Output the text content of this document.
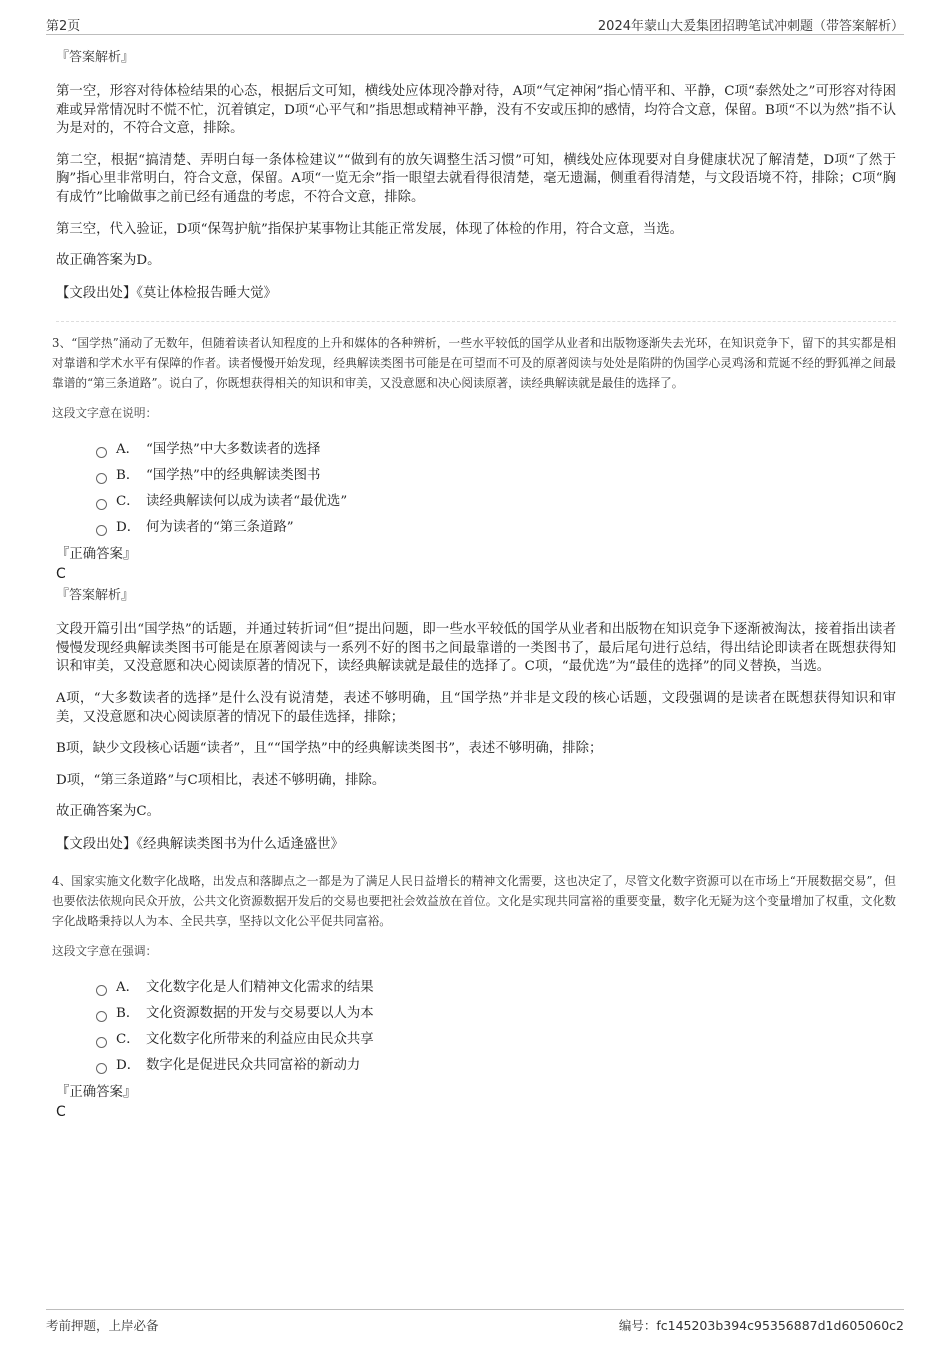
第2页	2024年蒙山大爰集团招聘笔试冲刺题（带答案解析）
『答案解析』

第一空，形容对待体检结果的心态，根据后文可知，横线处应体现冷静对待，A项“气定神闲”指心情平和、平静，C项“泰然处之”可形容对待困难或异常情况时不慌不忙，沉着镇定，D项“心平气和”指思想或精神平静，没有不安或压抑的感情，均符合文意，保留。B项“不以为然”指不认为是对的，不符合文意，排除。

第二空，根据“搞清楚、弄明白每一条体检建议”“做到有的放矢调整生活习惯”可知，横线处应体现要对自身健康状况了解清楚，D项“了然于胸”指心里非常明白，符合文意，保留。A项“一览无余”指一眼望去就看得很清楚，毫无遗漏，侧重看得清楚，与文段语境不符，排除；C项“胸有成竹”比喻做事之前已经有通盘的考虑，不符合文意，排除。

第三空，代入验证，D项“保驾护航”指保护某事物让其能正常发展，体现了体检的作用，符合文意，当选。

故正确答案为D。

【文段出处】《莫让体检报告睡大觉》

3、“国学热”涌动了无数年，但随着读者认知程度的上升和媒体的各种辨析，一些水平较低的国学从业者和出版物逐渐失去光环，在知识竞争下，留下的其实都是相对靠谱和学术水平有保障的作者。读者慢慢开始发现，经典解读类图书可能是在可望而不可及的原著阅读与处处是陷阱的伪国学心灵鸡汤和荒诞不经的野狐禅之间最靠谱的“第三条道路”。说白了，你既想获得相关的知识和审美，又没意愿和决心阅读原著，读经典解读就是最佳的选择了。

这段文字意在说明：

A． “国学热”中大多数读者的选择
B． “国学热”中的经典解读类图书
C． 读经典解读何以成为读者“最优选”
D． 何为读者的“第三条道路”

『正确答案』

C

『答案解析』

文段开篇引出“国学热”的话题，并通过转折词“但”提出问题，即一些水平较低的国学从业者和出版物在知识竞争下逐渐被淘汰，接着指出读者慢慢发现经典解读类图书可能是在原著阅读与一系列不好的图书之间最靠谱的一类图书了，最后尾句进行总结，得出结论即读者在既想获得知识和审美，又没意愿和决心阅读原著的情况下，读经典解读就是最佳的选择了。C项，“最优选”为“最佳的选择”的同义替换，当选。

A项，“大多数读者的选择”是什么没有说清楚，表述不够明确，且“国学热”并非是文段的核心话题，文段强调的是读者在既想获得知识和审美，又没意愿和决心阅读原著的情况下的最佳选择，排除；

B项，缺少文段核心话题“读者”，且““国学热”中的经典解读类图书”，表述不够明确，排除；

D项，“第三条道路”与C项相比，表述不够明确，排除。

故正确答案为C。

【文段出处】《经典解读类图书为什么适逢盛世》

4、国家实施文化数字化战略，出发点和落脚点之一都是为了满足人民日益增长的精神文化需要，这也决定了，尽管文化数字资源可以在市场上“开展数据交易”，但也要依法依规向民众开放，公共文化资源数据开发后的交易也要把社会效益放在首位。文化是实现共同富裕的重要变量，数字化无疑为这个变量增加了权重，文化数字化战略秉持以人为本、全民共享，坚持以文化公平促共同富裕。

这段文字意在强调：

A． 文化数字化是人们精神文化需求的结果
B． 文化资源数据的开发与交易要以人为本
C． 文化数字化所带来的利益应由民众共享
D． 数字化是促进民众共同富裕的新动力

『正确答案』

C

考前押题，上岸必备	编号：fc145203b394c95356887d1d605060c2
